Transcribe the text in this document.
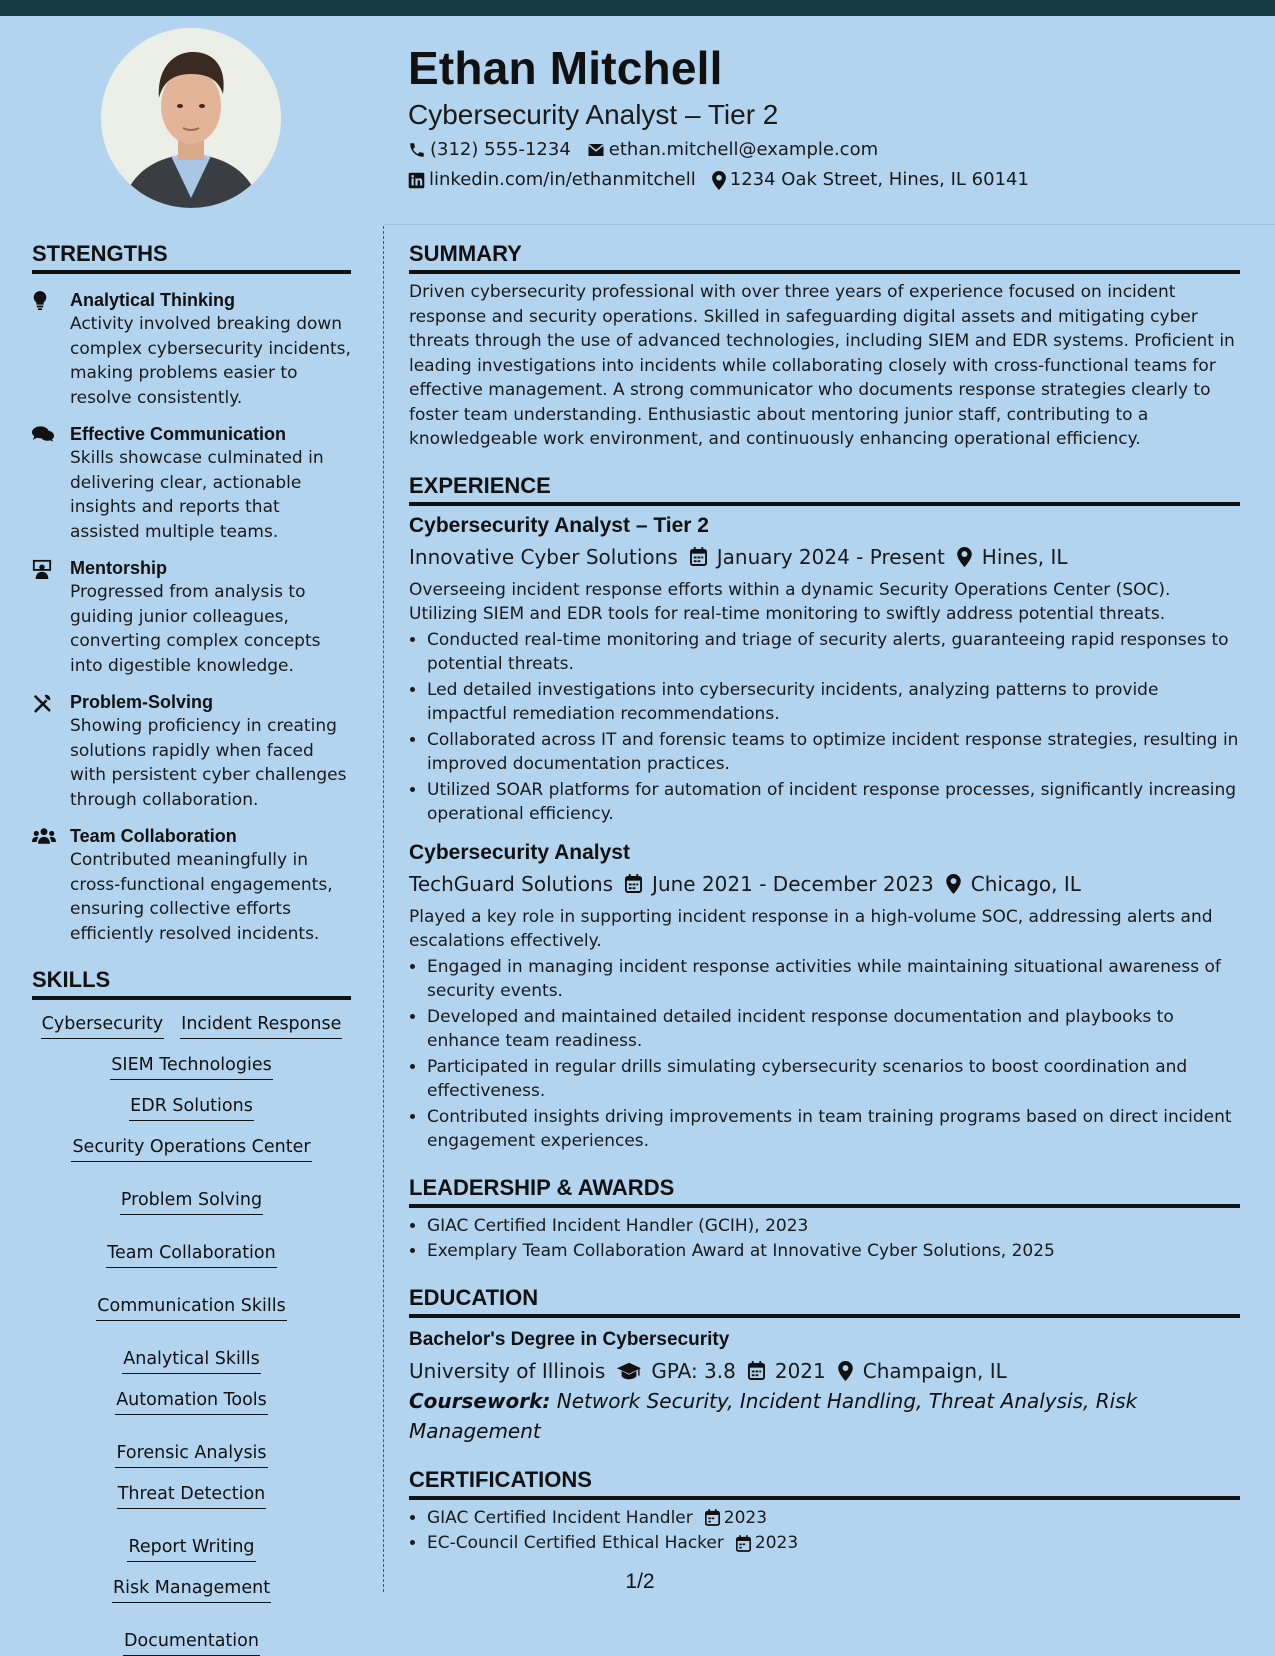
Ethan Mitchell
Cybersecurity Analyst – Tier 2
(312) 555-1234 ethan.mitchell@example.com
linkedin.com/in/ethanmitchell 1234 Oak Street, Hines, IL 60141
STRENGTHS
Analytical Thinking
Activity involved breaking down complex cybersecurity incidents, making problems easier to resolve consistently.
Effective Communication
Skills showcase culminated in delivering clear, actionable insights and reports that assisted multiple teams.
Mentorship
Progressed from analysis to guiding junior colleagues, converting complex concepts into digestible knowledge.
Problem-Solving
Showing proficiency in creating solutions rapidly when faced with persistent cyber challenges through collaboration.
Team Collaboration
Contributed meaningfully in cross-functional engagements, ensuring collective efforts efficiently resolved incidents.
SKILLS
Cybersecurity Incident Response
SIEM Technologies
EDR Solutions
Security Operations Center
Problem Solving
Team Collaboration
Communication Skills
Analytical Skills
Automation Tools
Forensic Analysis
Threat Detection
Report Writing
Risk Management
Documentation
SUMMARY

Driven cybersecurity professional with over three years of experience focused on incident response and security operations. Skilled in safeguarding digital assets and mitigating cyber threats through the use of advanced technologies, including SIEM and EDR systems. Proficient in leading investigations into incidents while collaborating closely with cross-functional teams for effective management. A strong communicator who documents response strategies clearly to foster team understanding. Enthusiastic about mentoring junior staff, contributing to a knowledgeable work environment, and continuously enhancing operational efficiency.

EXPERIENCE
Cybersecurity Analyst – Tier 2
Innovative Cyber Solutions January 2024 - Present Hines, IL

Overseeing incident response efforts within a dynamic Security Operations Center (SOC). Utilizing SIEM and EDR tools for real-time monitoring to swiftly address potential threats.

• Conducted real-time monitoring and triage of security alerts, guaranteeing rapid responses to potential threats.
• Led detailed investigations into cybersecurity incidents, analyzing patterns to provide impactful remediation recommendations.
• Collaborated across IT and forensic teams to optimize incident response strategies, resulting in improved documentation practices.
• Utilized SOAR platforms for automation of incident response processes, significantly increasing operational efficiency.
Cybersecurity Analyst
TechGuard Solutions June 2021 - December 2023 Chicago, IL

Played a key role in supporting incident response in a high-volume SOC, addressing alerts and escalations effectively.

• Engaged in managing incident response activities while maintaining situational awareness of security events.
• Developed and maintained detailed incident response documentation and playbooks to enhance team readiness.
• Participated in regular drills simulating cybersecurity scenarios to boost coordination and effectiveness.
• Contributed insights driving improvements in team training programs based on direct incident engagement experiences.
LEADERSHIP & AWARDS
• GIAC Certified Incident Handler (GCIH), 2023
• Exemplary Team Collaboration Award at Innovative Cyber Solutions, 2025
EDUCATION
Bachelor's Degree in Cybersecurity
University of Illinois GPA: 3.8 2021 Champaign, IL
Coursework: Network Security, Incident Handling, Threat Analysis, Risk Management
CERTIFICATIONS
• GIAC Certified Incident Handler 2023
• EC-Council Certified Ethical Hacker 2023
1/2
